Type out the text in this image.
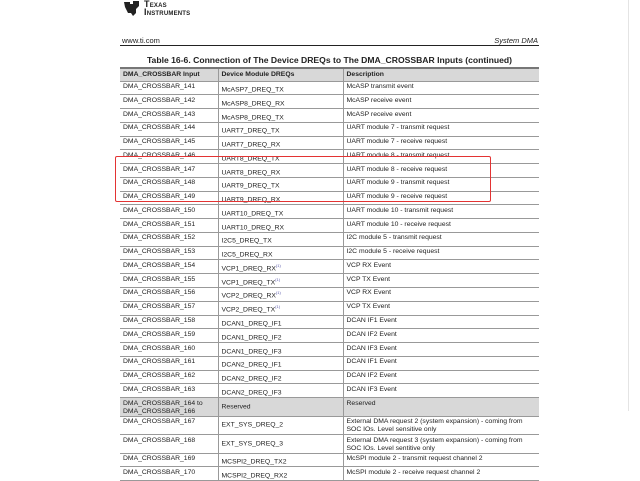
Texas
Instruments
www.ti.com	System DMA
Table 16-6. Connection of The Device DREQs to The DMA_CROSSBAR Inputs (continued)
DMA_CROSSBAR Input	Device Module DREQs	Description
DMA_CROSSBAR_141	McASP7_DREQ_TX	McASP transmit event
DMA_CROSSBAR_142	McASP8_DREQ_RX	McASP receive event
DMA_CROSSBAR_143	McASP8_DREQ_TX	McASP receive event
DMA_CROSSBAR_144	UART7_DREQ_TX	UART module 7 - transmit request
DMA_CROSSBAR_145	UART7_DREQ_RX	UART module 7 - receive request
DMA_CROSSBAR_146	UART8_DREQ_TX	UART module 8 - transmit request
DMA_CROSSBAR_147	UART8_DREQ_RX	UART module 8 - receive request
DMA_CROSSBAR_148	UART9_DREQ_TX	UART module 9 - transmit request
DMA_CROSSBAR_149	UART9_DREQ_RX	UART module 9 - receive request
DMA_CROSSBAR_150	UART10_DREQ_TX	UART module 10 - transmit request
DMA_CROSSBAR_151	UART10_DREQ_RX	UART module 10 - receive request
DMA_CROSSBAR_152	I2C5_DREQ_TX	I2C module 5 - transmit request
DMA_CROSSBAR_153	I2C5_DREQ_RX	I2C module 5 - receive request
DMA_CROSSBAR_154	VCP1_DREQ_RX$^{(1)}$	VCP RX Event
DMA_CROSSBAR_155	VCP1_DREQ_TX$^{(1)}$	VCP TX Event
DMA_CROSSBAR_156	VCP2_DREQ_RX$^{(1)}$	VCP RX Event
DMA_CROSSBAR_157	VCP2_DREQ_TX$^{(1)}$	VCP TX Event
DMA_CROSSBAR_158	DCAN1_DREQ_IF1	DCAN IF1 Event
DMA_CROSSBAR_159	DCAN1_DREQ_IF2	DCAN IF2 Event
DMA_CROSSBAR_160	DCAN1_DREQ_IF3	DCAN IF3 Event
DMA_CROSSBAR_161	DCAN2_DREQ_IF1	DCAN IF1 Event
DMA_CROSSBAR_162	DCAN2_DREQ_IF2	DCAN IF2 Event
DMA_CROSSBAR_163	DCAN2_DREQ_IF3	DCAN IF3 Event
DMA_CROSSBAR_164 to DMA_CROSSBAR_166	Reserved	Reserved
DMA_CROSSBAR_167	EXT_SYS_DREQ_2	External DMA request 2 (system expansion) - coming from SOC IOs. Level sensitive only
DMA_CROSSBAR_168	EXT_SYS_DREQ_3	External DMA request 3 (system expansion) - coming from SOC IOs. Level sentitive only
DMA_CROSSBAR_169	MCSPI2_DREQ_TX2	McSPI module 2 - transmit request channel 2
DMA_CROSSBAR_170	MCSPI2_DREQ_RX2	McSPI module 2 - receive request channel 2
